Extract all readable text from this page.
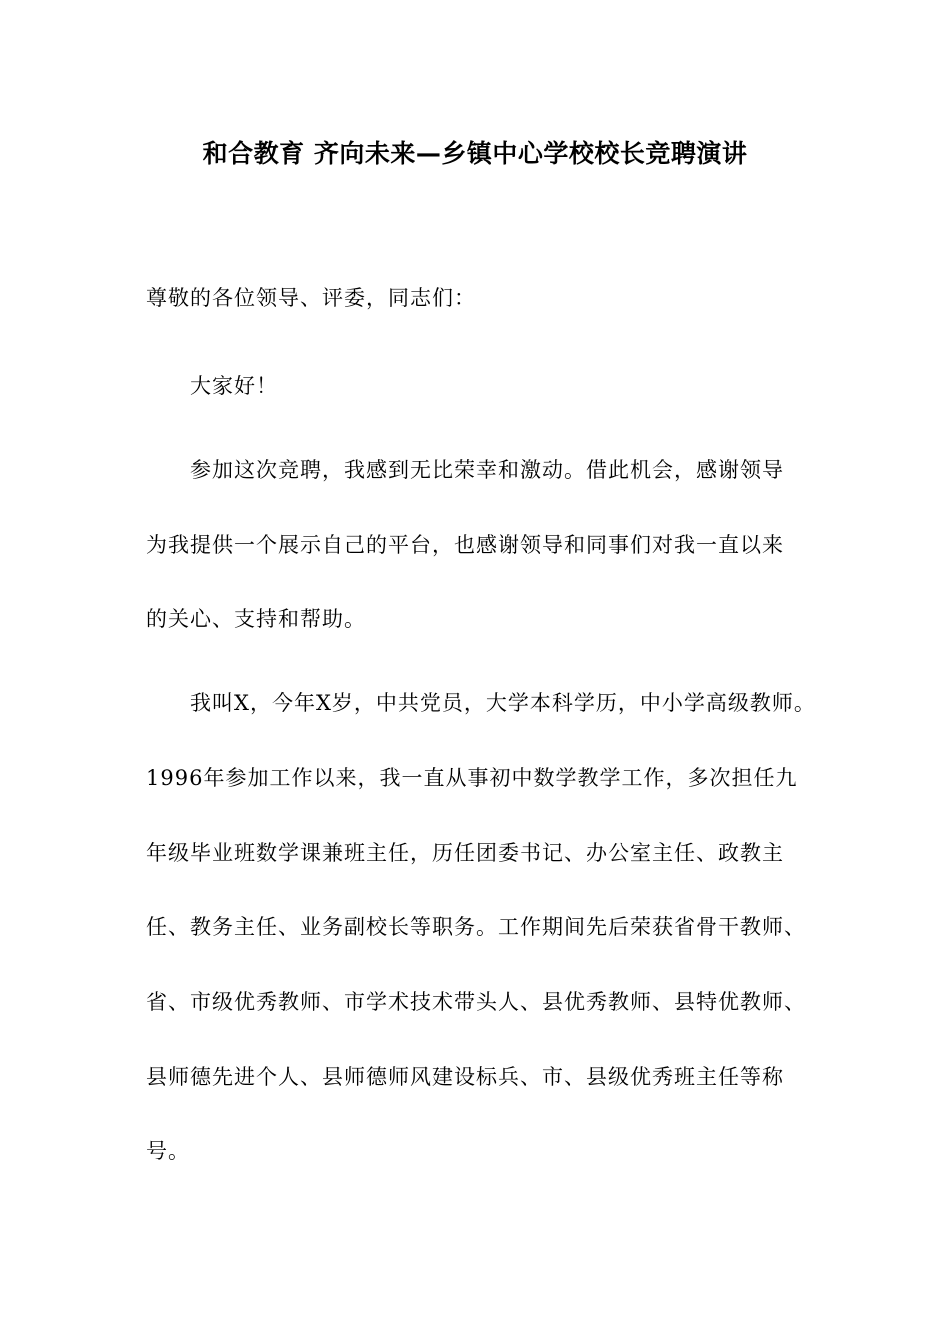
和合教育 齐向未来—乡镇中心学校校长竞聘演讲

尊敬的各位领导、评委，同志们：

大家好！

参加这次竞聘，我感到无比荣幸和激动。借此机会，感谢领导

为我提供一个展示自己的平台，也感谢领导和同事们对我一直以来

的关心、支持和帮助。

我叫X，今年X岁，中共党员，大学本科学历，中小学高级教师。

1996年参加工作以来，我一直从事初中数学教学工作，多次担任九

年级毕业班数学课兼班主任，历任团委书记、办公室主任、政教主

任、教务主任、业务副校长等职务。工作期间先后荣获省骨干教师、

省、市级优秀教师、市学术技术带头人、县优秀教师、县特优教师、

县师德先进个人、县师德师风建设标兵、市、县级优秀班主任等称

号。
